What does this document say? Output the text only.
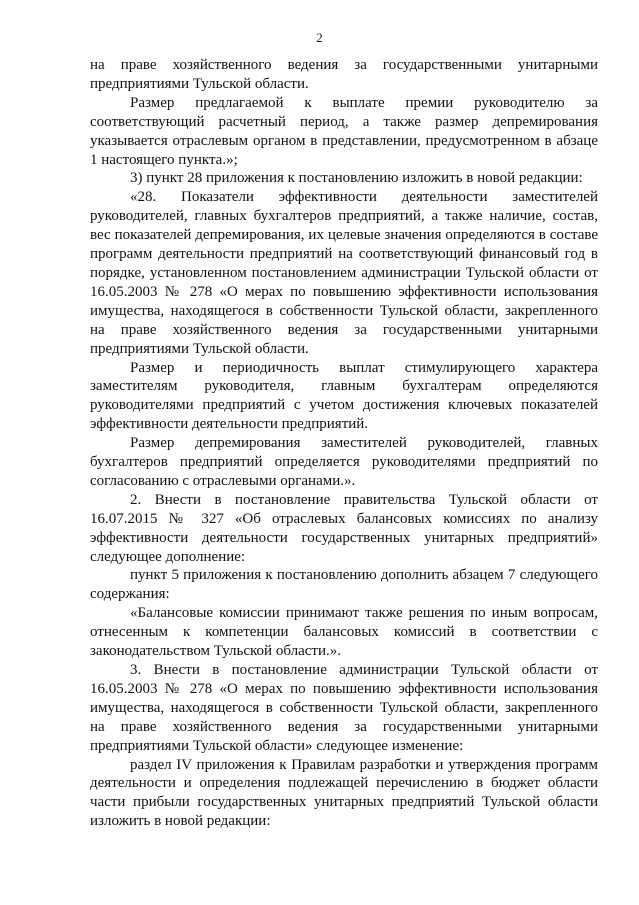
2

на праве хозяйственного ведения за государственными унитарными предприятиями Тульской области.

Размер предлагаемой к выплате премии руководителю за соответствующий расчетный период, а также размер депремирования указывается отраслевым органом в представлении, предусмотренном в абзаце 1 настоящего пункта.»;

3) пункт 28 приложения к постановлению изложить в новой редакции:

«28. Показатели эффективности деятельности заместителей руководителей, главных бухгалтеров предприятий, а также наличие, состав, вес показателей депремирования, их целевые значения определяются в составе программ деятельности предприятий на соответствующий финансовый год в порядке, установленном постановлением администрации Тульской области от 16.05.2003 № 278 «О мерах по повышению эффективности использования имущества, находящегося в собственности Тульской области, закрепленного на праве хозяйственного ведения за государственными унитарными предприятиями Тульской области.

Размер и периодичность выплат стимулирующего характера заместителям руководителя, главным бухгалтерам определяются руководителями предприятий с учетом достижения ключевых показателей эффективности деятельности предприятий.

Размер депремирования заместителей руководителей, главных бухгалтеров предприятий определяется руководителями предприятий по согласованию с отраслевыми органами.».

2. Внести в постановление правительства Тульской области от 16.07.2015 № 327 «Об отраслевых балансовых комиссиях по анализу эффективности деятельности государственных унитарных предприятий» следующее дополнение:

пункт 5 приложения к постановлению дополнить абзацем 7 следующего содержания:

«Балансовые комиссии принимают также решения по иным вопросам, отнесенным к компетенции балансовых комиссий в соответствии с законодательством Тульской области.».

3. Внести в постановление администрации Тульской области от 16.05.2003 № 278 «О мерах по повышению эффективности использования имущества, находящегося в собственности Тульской области, закрепленного на праве хозяйственного ведения за государственными унитарными предприятиями Тульской области» следующее изменение:

раздел IV приложения к Правилам разработки и утверждения программ деятельности и определения подлежащей перечислению в бюджет области части прибыли государственных унитарных предприятий Тульской области изложить в новой редакции:
